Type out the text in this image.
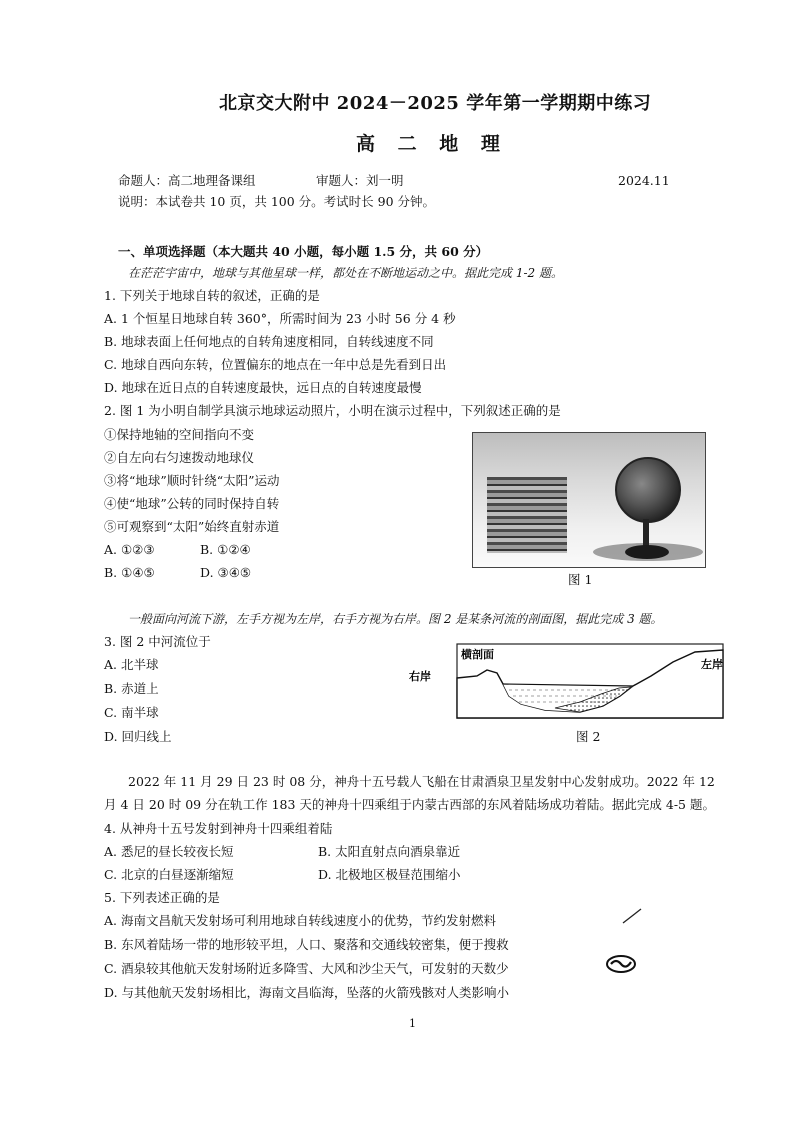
北京交大附中 2024－2025 学年第一学期期中练习
高 二 地 理
命题人：高二地理备课组	审题人：刘一明	2024.11
说明：本试卷共 10 页，共 100 分。考试时长 90 分钟。
一、单项选择题（本大题共 40 小题，每小题 1.5 分，共 60 分）
在茫茫宇宙中，地球与其他星球一样，都处在不断地运动之中。据此完成 1-2 题。
1. 下列关于地球自转的叙述，正确的是
A. 1 个恒星日地球自转 360°，所需时间为 23 小时 56 分 4 秒
B. 地球表面上任何地点的自转角速度相同，自转线速度不同
C. 地球自西向东转，位置偏东的地点在一年中总是先看到日出
D. 地球在近日点的自转速度最快，远日点的自转速度最慢
2. 图 1 为小明自制学具演示地球运动照片，小明在演示过程中，下列叙述正确的是
①保持地轴的空间指向不变
②自左向右匀速拨动地球仪
③将“地球”顺时针绕“太阳”运动
④使“地球”公转的同时保持自转
⑤可观察到“太阳”始终直射赤道
A. ①②③	B. ①②④
B. ①④⑤	D. ③④⑤	图 1
一般面向河流下游，左手方视为左岸，右手方视为右岸。图 2 是某条河流的剖面图，据此完成 3 题。
3. 图 2 中河流位于
A. 北半球
B. 赤道上
C. 南半球
D. 回归线上
横剖面
右岸
左岸
图 2
2022 年 11 月 29 日 23 时 08 分，神舟十五号载人飞船在甘肃酒泉卫星发射中心发射成功。2022 年 12
月 4 日 20 时 09 分在轨工作 183 天的神舟十四乘组于内蒙古西部的东风着陆场成功着陆。据此完成 4-5 题。
4. 从神舟十五号发射到神舟十四乘组着陆
A. 悉尼的昼长较夜长短	B. 太阳直射点向酒泉靠近
C. 北京的白昼逐渐缩短	D. 北极地区极昼范围缩小
5. 下列表述正确的是
A. 海南文昌航天发射场可利用地球自转线速度小的优势，节约发射燃料
B. 东风着陆场一带的地形较平坦，人口、聚落和交通线较密集，便于搜救
C. 酒泉较其他航天发射场附近多降雪、大风和沙尘天气，可发射的天数少
D. 与其他航天发射场相比，海南文昌临海，坠落的火箭残骸对人类影响小
1
